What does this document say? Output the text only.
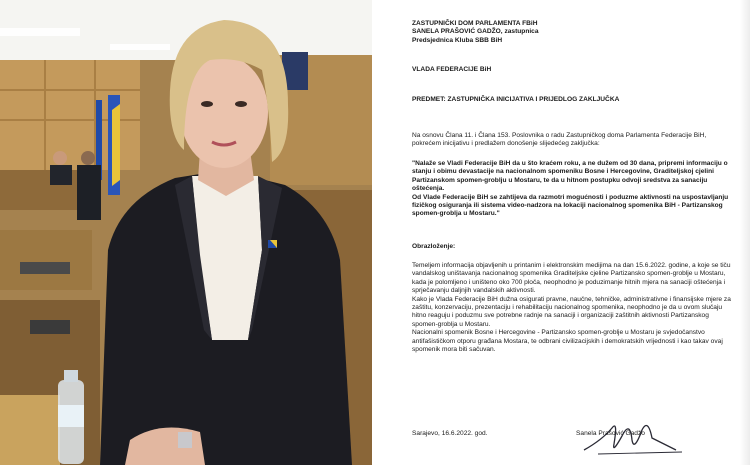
ZASTUPNIČKI DOM PARLAMENTA FBiH
SANELA PRAŠOVIĆ GADŽO, zastupnica
Predsjednica Kluba SBB BiH
VLADA FEDERACIJE BiH
PREDMET: ZASTUPNIČKA INICIJATIVA I PRIJEDLOG ZAKLJUČKA

Na osnovu Člana 11. i Člana 153. Poslovnika o radu Zastupničkog doma Parlamenta Federacije BiH, pokrećem inicijativu i predlažem donošenje slijedećeg zaključka:

"Nalaže se Vladi Federacije BiH da u što kraćem roku, a ne dužem od 30 dana, pripremi informaciju o stanju i obimu devastacije na nacionalnom spomeniku Bosne i Hercegovine, Graditeljskoj cjelini Partizanskom spomen-groblju u Mostaru, te da u hitnom postupku odvoji sredstva za sanaciju oštećenja.

Od Vlade Federacije BiH se zahtijeva da razmotri mogućnosti i poduzme aktivnosti na uspostavljanju fizičkog osiguranja ili sistema video-nadzora na lokaciji nacionalnog spomenika BiH - Partizanskog spomen-groblja u Mostaru."

Obrazloženje:

Temeljem informacija objavljenih u printanim i elektronskim medijima na dan 15.6.2022. godine, a koje se tiču vandalskog uništavanja nacionalnog spomenika Graditeljske cjeline Partizansko spomen-groblje u Mostaru, kada je polomljeno i uništeno oko 700 ploča, neophodno je poduzimanje hitnih mjera na sanaciji oštećenja i sprječavanju daljnjih vandalskih aktivnosti.

Kako je Vlada Federacije BiH dužna osigurati pravne, naučne, tehničke, administrativne i finansijske mjere za zaštitu, konzervaciju, prezentaciju i rehabilitaciju nacionalnog spomenika, neophodno je da u ovom slučaju hitno reaguju i poduzmu sve potrebne radnje na sanaciji i organizaciji zaštitnih aktivnosti Partizanskog spomen-groblja u Mostaru.

Nacionalni spomenik Bosne i Hercegovine - Partizansko spomen-groblje u Mostaru je svjedočanstvo antifašističkom otporu građana Mostara, te odbrani civilizacijskih i demokratskih vrijednosti i kao takav ovaj spomenik mora biti sačuvan.

Sarajevo, 16.6.2022. god.	Sanela Prašović Gadžo
